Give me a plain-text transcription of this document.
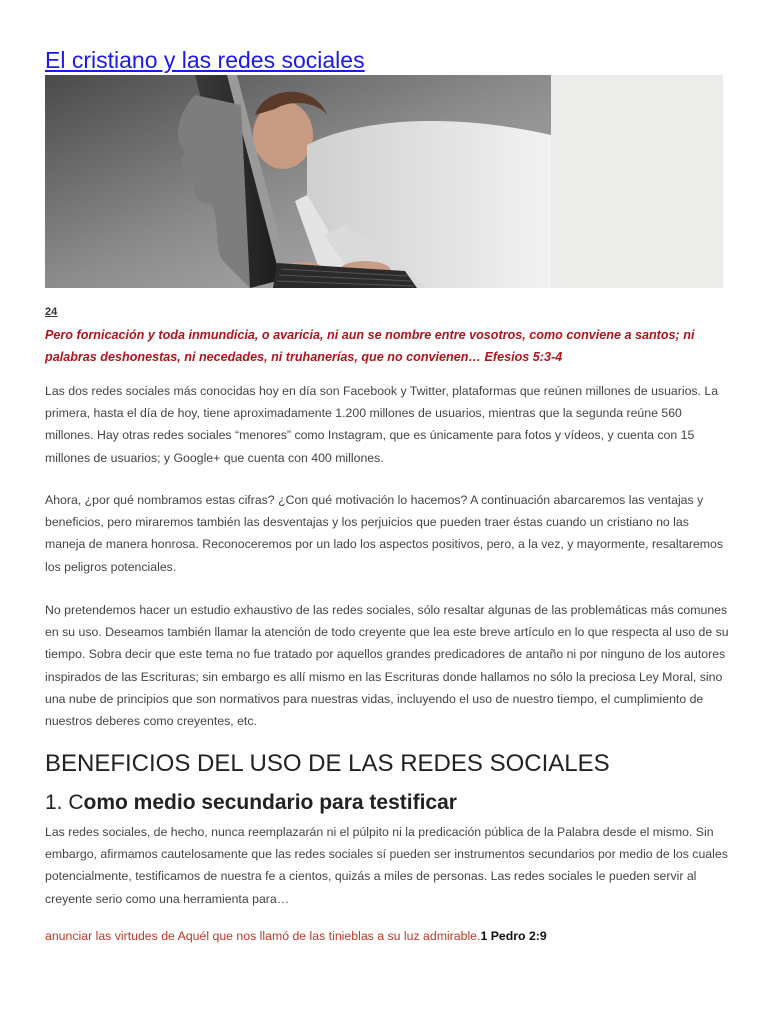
El cristiano y las redes sociales
24

Pero fornicación y toda inmundicia, o avaricia, ni aun se nombre entre vosotros, como conviene a santos; ni palabras deshonestas, ni necedades, ni truhanerías, que no convienen… Efesios 5:3-4

Las dos redes sociales más conocidas hoy en día son Facebook y Twitter, plataformas que reúnen millones de usuarios. La primera, hasta el día de hoy, tiene aproximadamente 1.200 millones de usuarios, mientras que la segunda reúne 560 millones. Hay otras redes sociales “menores” como Instagram, que es únicamente para fotos y vídeos, y cuenta con 15 millones de usuarios; y Google+ que cuenta con 400 millones.

Ahora, ¿por qué nombramos estas cifras? ¿Con qué motivación lo hacemos? A continuación abarcaremos las ventajas y beneficios, pero miraremos también las desventajas y los perjuicios que pueden traer éstas cuando un cristiano no las maneja de manera honrosa. Reconoceremos por un lado los aspectos positivos, pero, a la vez, y mayormente, resaltaremos los peligros potenciales.

No pretendemos hacer un estudio exhaustivo de las redes sociales, sólo resaltar algunas de las problemáticas más comunes en su uso. Deseamos también llamar la atención de todo creyente que lea este breve artículo en lo que respecta al uso de su tiempo. Sobra decir que este tema no fue tratado por aquellos grandes predicadores de antaño ni por ninguno de los autores inspirados de las Escrituras; sin embargo es allí mismo en las Escrituras donde hallamos no sólo la preciosa Ley Moral, sino una nube de principios que son normativos para nuestras vidas, incluyendo el uso de nuestro tiempo, el cumplimiento de nuestros deberes como creyentes, etc.

BENEFICIOS DEL USO DE LAS REDES SOCIALES
1. Como medio secundario para testificar

Las redes sociales, de hecho, nunca reemplazarán ni el púlpito ni la predicación pública de la Palabra desde el mismo. Sin embargo, afirmamos cautelosamente que las redes sociales sí pueden ser instrumentos secundarios por medio de los cuales potencialmente, testificamos de nuestra fe a cientos, quizás a miles de personas. Las redes sociales le pueden servir al creyente serio como una herramienta para…

anunciar las virtudes de Aquél que nos llamó de las tinieblas a su luz admirable.1 Pedro 2:9
